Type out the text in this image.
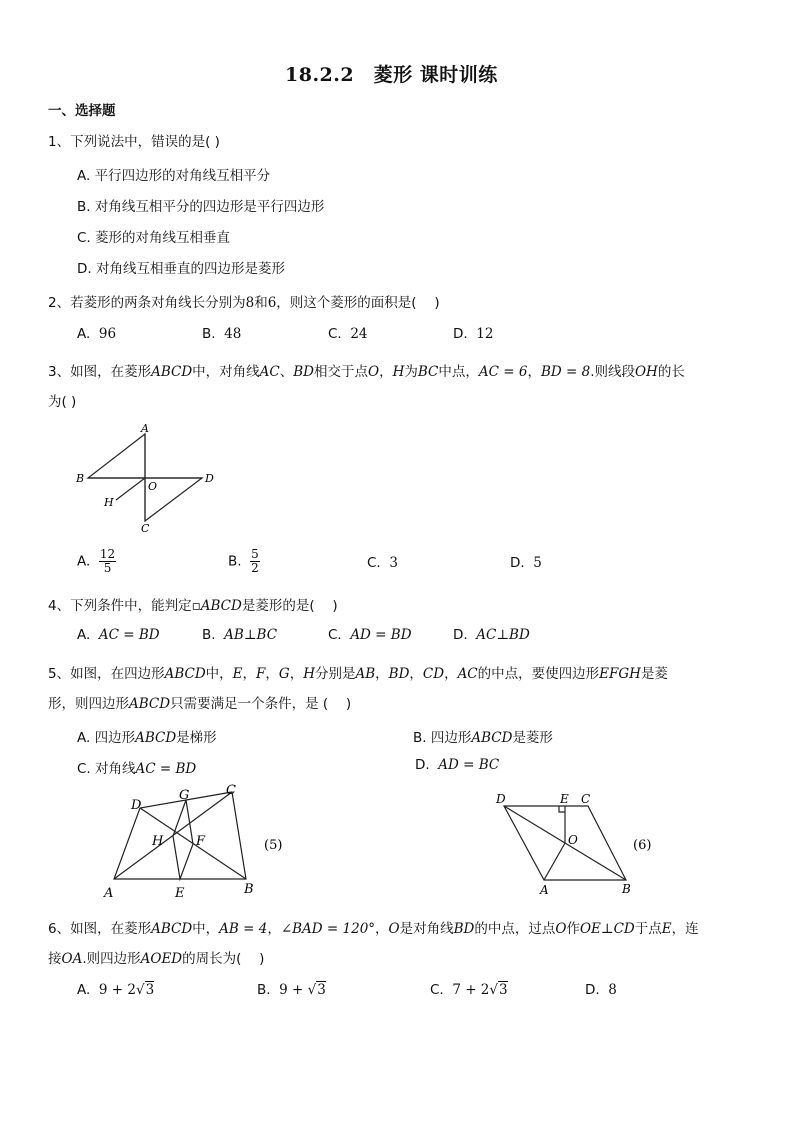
18.2.2　菱形 课时训练
一、选择题
1、下列说法中，错误的是( )
A. 平行四边形的对角线互相平分
B. 对角线互相平分的四边形是平行四边形
C. 菱形的对角线互相垂直
D. 对角线互相垂直的四边形是菱形
2、若菱形的两条对角线长分别为8和6，则这个菱形的面积是(　 )
A. 96	B. 48	C. 24	D. 12
3、如图，在菱形ABCD中，对角线AC、BD相交于点O，H为BC中点，AC = 6，BD = 8.则线段OH的长
为( )
A
B	D
C
O
H
A. $\frac{12}{5}$	B. $\frac{5}{2}$	C. 3	D. 5
4、下列条件中，能判定▫ABCD是菱形的是(　 )
A. AC = BD	B. AB⊥BC	C. AD = BD	D. AC⊥BD
5、如图，在四边形ABCD中，E，F，G，H分别是AB，BD，CD，AC的中点，要使四边形EFGH是菱
形，则四边形ABCD只需要满足一个条件，是 (　 )
A. 四边形ABCD是梯形	B. 四边形ABCD是菱形
C. 对角线AC = BD	D. AD = BC
A	B
C
D
E
F
G
H	(5)
A	B
C
D	E
O	(6)
6、如图，在菱形ABCD中，AB = 4，∠BAD = 120°，O是对角线BD的中点，过点O作OE⊥CD于点E，连
接OA.则四边形AOED的周长为(　 )
A. 9 + 2√3	B. 9 + √3	C. 7 + 2√3	D. 8
